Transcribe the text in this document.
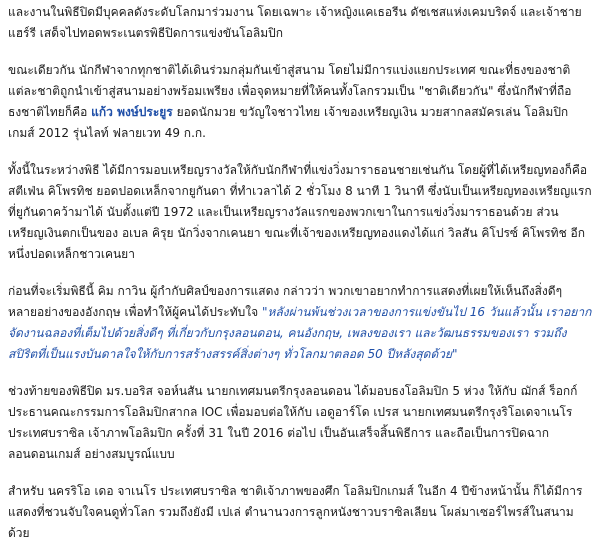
และงานในพิธีปิดมีบุคคลดังระดับโลกมาร่วมงาน โดยเฉพาะ เจ้าหญิงแคเธอรีน ดัชเชสแห่งเคมบริดจ์ และเจ้าชายแฮร์รี เสด็จไปทอดพระเนตรพิธีปิดการแข่งขันโอลิมปิก

ขณะเดียวกัน นักกีฬาจากทุกชาติได้เดินร่วมกลุ่มกันเข้าสู่สนาม โดยไม่มีการแบ่งแยกประเทศ ขณะที่ธงของชาติแต่ละชาติถูกนำเข้าสู่สนามอย่างพร้อมเพรียง เพื่อจุดหมายที่ให้คนทั้งโลกรวมเป็น "ชาติเดียวกัน" ซึ่งนักกีฬาที่ถือธงชาติไทยก็คือ แก้ว พงษ์ประยูร ยอดนักมวย ขวัญใจชาวไทย เจ้าของเหรียญเงิน มวยสากลสมัครเล่น โอลิมปิก เกมส์ 2012 รุ่นไลท์ ฟลายเวท 49 ก.ก.

ทั้งนี้ในระหว่างพิธี ได้มีการมอบเหรียญรางวัลให้กับนักกีฬาที่แข่งวิ่งมาราธอนชายเช่นกัน โดยผู้ที่ได้เหรียญทองก็คือ สตีเฟ่น คิโพรทิช ยอดปอดเหล็กจากยูกันดา ที่ทำเวลาได้ 2 ชั่วโมง 8 นาที 1 วินาที ซึ่งนับเป็นเหรียญทองเหรียญแรกที่ยูกันดาคว้ามาได้ นับตั้งแต่ปี 1972 และเป็นเหรียญรางวัลแรกของพวกเขาในการแข่งวิ่งมาราธอนด้วย ส่วนเหรียญเงินตกเป็นของ อเบล คิรุย นักวิ่งจากเคนยา ขณะที่เจ้าของเหรียญทองแดงได้แก่ วิลสัน คิโปรซ์ คิโพรทิช อีกหนึ่งปอดเหล็กชาวเคนยา

ก่อนที่จะเริ่มพิธีนี้ คิม กาวิน ผู้กำกับศิลป์ของการแสดง กล่าวว่า พวกเขาอยากทำการแสดงที่เผยให้เห็นถึงสิ่งดีๆ หลายอย่างของอังกฤษ เพื่อทำให้ผู้คนได้ประทับใจ "หลังผ่านพ้นช่วงเวลาของการแข่งขันไป 16 วันแล้วนั้น เราอยากจัดงานฉลองที่เต็มไปด้วยสิ่งดีๆ ที่เกี่ยวกับกรุงลอนดอน, คนอังกฤษ, เพลงของเรา และวัฒนธรรมของเรา รวมถึงสปิริตที่เป็นแรงบันดาลใจให้กับการสร้างสรรค์สิ่งต่างๆ ทั่วโลกมาตลอด 50 ปีหลังสุดด้วย"

ช่วงท้ายของพิธีปิด มร.บอริส จอห์นสัน นายกเทศมนตรีกรุงลอนดอน ได้มอบธงโอลิมปิก 5 ห่วง ให้กับ ฌักส์ ร็อกก์ ประธานคณะกรรมการโอลิมปิกสากล IOC เพื่อมอบต่อให้กับ เอดูอาร์โด เปรส นายกเทศมนตรีกรุงริโอเดจาเนโร ประเทศบราซิล เจ้าภาพโอลิมปิก ครั้งที่ 31 ในปี 2016 ต่อไป เป็นอันเสร็จสิ้นพิธีการ และถือเป็นการปิดฉากลอนดอนเกมส์ อย่างสมบูรณ์แบบ

สำหรับ นครริโอ เดอ จาเนโร ประเทศบราซิล ชาติเจ้าภาพของศึก โอลิมปิกเกมส์ ในอีก 4 ปีข้างหน้านั้น ก็ได้มีการแสดงที่ชวนจับใจคนดูทั่วโลก รวมถึงยังมี เปเล่ ตำนานวงการลูกหนังชาวบราซิลเลียน โผล่มาเซอร์ไพรส์ในสนามด้วย
